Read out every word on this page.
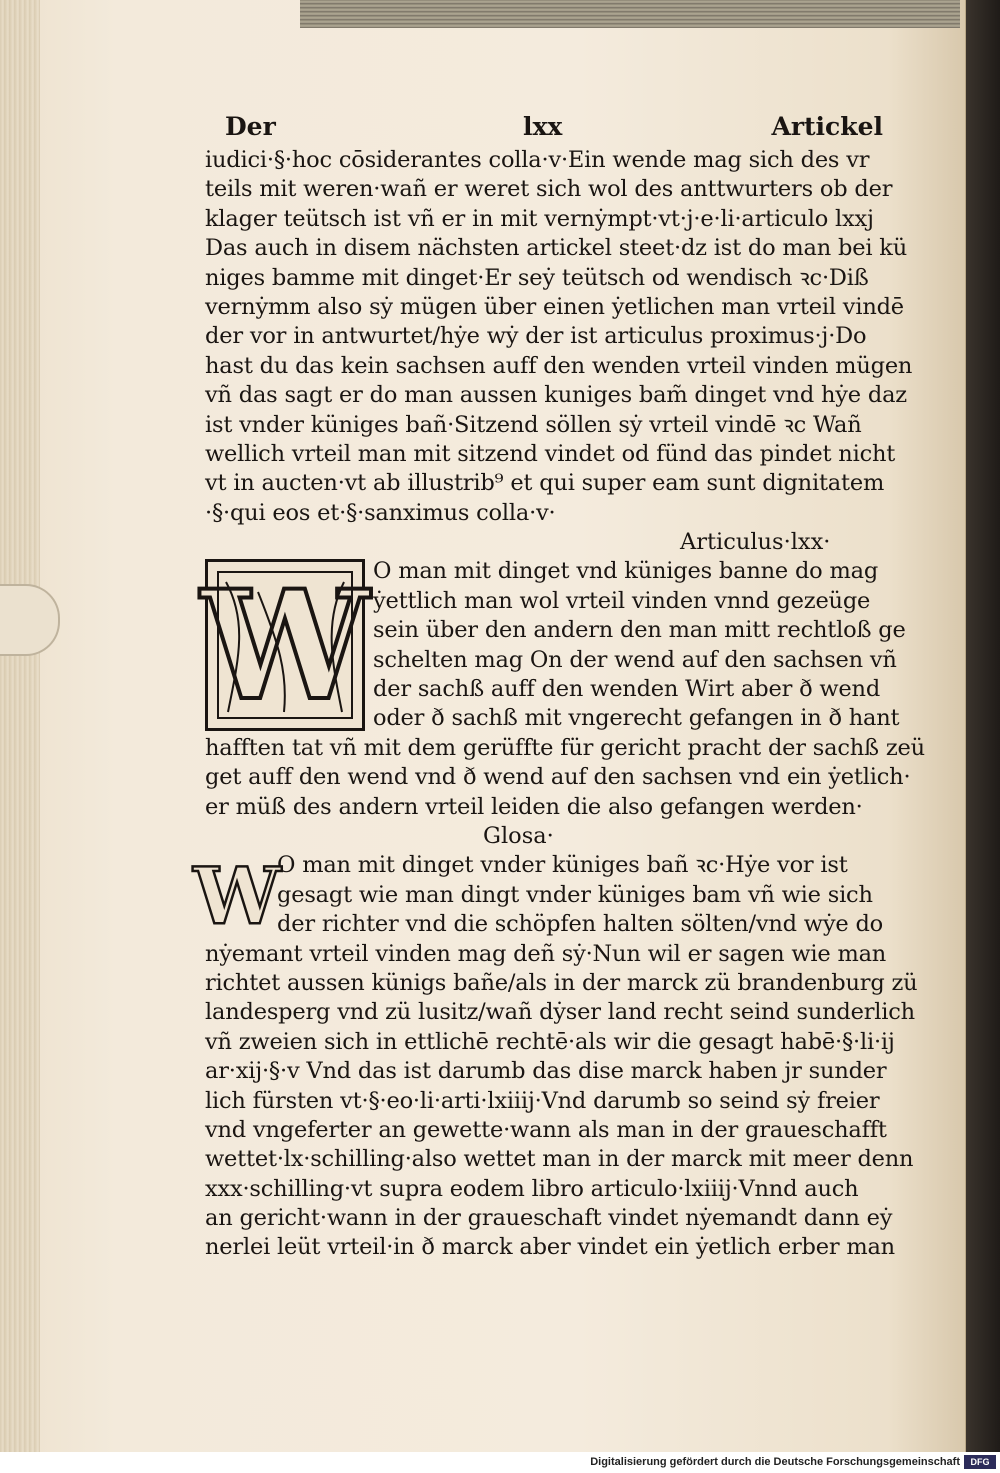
Der	lxx	Artickel
iudici·§·hoc cōsiderantes colla·v·Ein wende mag sich des vr
teils mit weren·wañ er weret sich wol des anttwurters ob der
klager teütsch ist vñ er in mit vernẏmpt·vt·j·e·li·articulo lxxj
Das auch in disem nächsten artickel steet·dz ist do man bei kü
niges bamme mit dinget·Er seẏ teütsch od wendisch ꝛc·Diß
vernẏmm also sẏ mügen über einen ẏetlichen man vrteil vindē
der vor in antwurtet/hẏe wẏ der ist articulus proximus·j·Do
hast du das kein sachsen auff den wenden vrteil vinden mügen
vñ das sagt er do man aussen kuniges bam̃ dinget vnd hẏe daz
ist vnder küniges bañ·Sitzend söllen sẏ vrteil vindē ꝛc Wañ
wellich vrteil man mit sitzend vindet od fünd das pindet nicht
vt in aucten·vt ab illustrib⁹ et qui super eam sunt dignitatem
·§·qui eos et·§·sanximus colla·v·
Articulus·lxx·
W O man mit dinget vnd küniges banne do mag
ẏettlich man wol vrteil vinden vnnd gezeüge
sein über den andern den man mitt rechtloß ge
schelten mag On der wend auf den sachsen vñ
der sachß auff den wenden Wirt aber ð wend
oder ð sachß mit vngerecht gefangen in ð hant
hafften tat vñ mit dem gerüffte für gericht pracht der sachß zeü
get auff den wend vnd ð wend auf den sachsen vnd ein ẏetlich·
er müß des andern vrteil leiden die also gefangen werden·
Glosa·
W
O man mit dinget vnder küniges bañ ꝛc·Hẏe vor ist
gesagt wie man dingt vnder küniges bam vñ wie sich
der richter vnd die schöpfen halten sölten/vnd wẏe do
nẏemant vrteil vinden mag deñ sẏ·Nun wil er sagen wie man
richtet aussen künigs bañe/als in der marck zü brandenburg zü
landesperg vnd zü lusitz/wañ dẏser land recht seind sunderlich
vñ zweien sich in ettlichē rechtē·als wir die gesagt habē·§·li·ij
ar·xij·§·v Vnd das ist darumb das dise marck haben jr sunder
lich fürsten vt·§·eo·li·arti·lxiiij·Vnd darumb so seind sẏ freier
vnd vngeferter an gewette·wann als man in der graueschafft
wettet·lx·schilling·also wettet man in der marck mit meer denn
xxx·schilling·vt supra eodem libro articulo·lxiiij·Vnnd auch
an gericht·wann in der graueschaft vindet nẏemandt dann eẏ
nerlei leüt vrteil·in ð marck aber vindet ein ẏetlich erber man
Digitalisierung gefördert durch die Deutsche Forschungsgemeinschaft	DFG
